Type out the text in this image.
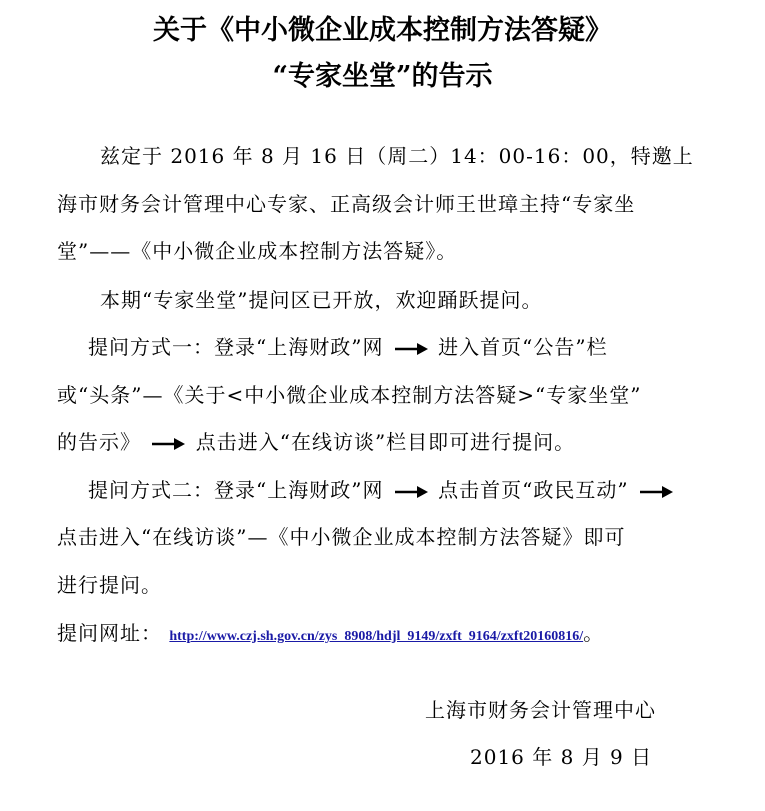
关于《中小微企业成本控制方法答疑》
“专家坐堂”的告示
兹定于 2016 年 8 月 16 日（周二）14：00-16：00，特邀上
海市财务会计管理中心专家、正高级会计师王世璋主持“专家坐
堂”——《中小微企业成本控制方法答疑》。
本期“专家坐堂”提问区已开放，欢迎踊跃提问。
提问方式一：登录“上海财政”网	进入首页“公告”栏
或“头条”—《关于<中小微企业成本控制方法答疑>“专家坐堂”
的告示》	点击进入“在线访谈”栏目即可进行提问。
提问方式二：登录“上海财政”网	点击首页“政民互动”
点击进入“在线访谈”—《中小微企业成本控制方法答疑》即可
进行提问。
提问网址： http://www.czj.sh.gov.cn/zys_8908/hdjl_9149/zxft_9164/zxft20160816/。
上海市财务会计管理中心
2016 年 8 月 9 日
